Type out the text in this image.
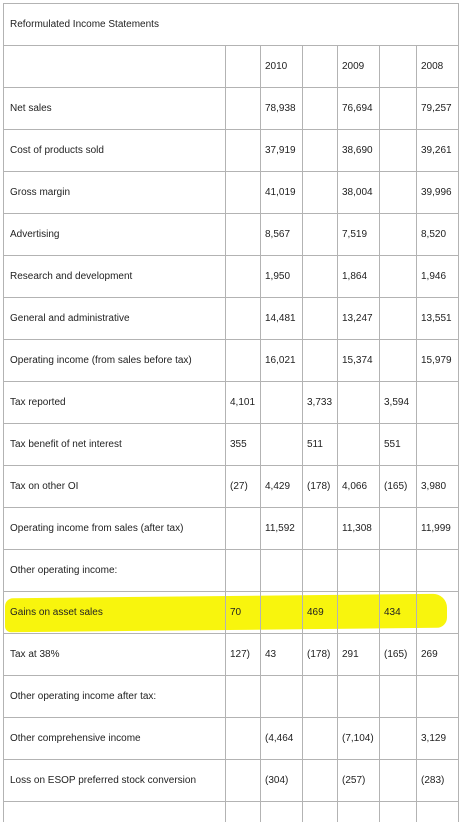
Reformulated Income Statements						
		2010		2009		2008
Net sales		78,938		76,694		79,257
Cost of products sold		37,919		38,690		39,261
Gross margin		41,019		38,004		39,996
Advertising		8,567		7,519		8,520
Research and development		1,950		1,864		1,946
General and administrative		14,481		13,247		13,551
Operating income (from sales before tax)		16,021		15,374		15,979
Tax reported	4,101		3,733		3,594	
Tax benefit of net interest	355		511		551	
Tax on other OI	(27)	4,429	(178)	4,066	(165)	3,980
Operating income from sales (after tax)		11,592		11,308		11,999
Other operating income:						
Gains on asset sales	70		469		434	
Tax at 38%	127)	43	(178)	291	(165)	269
Other operating income after tax:						
Other comprehensive income		(4,464		(7,104)		3,129
Loss on ESOP preferred stock conversion		(304)		(257)		(283)
